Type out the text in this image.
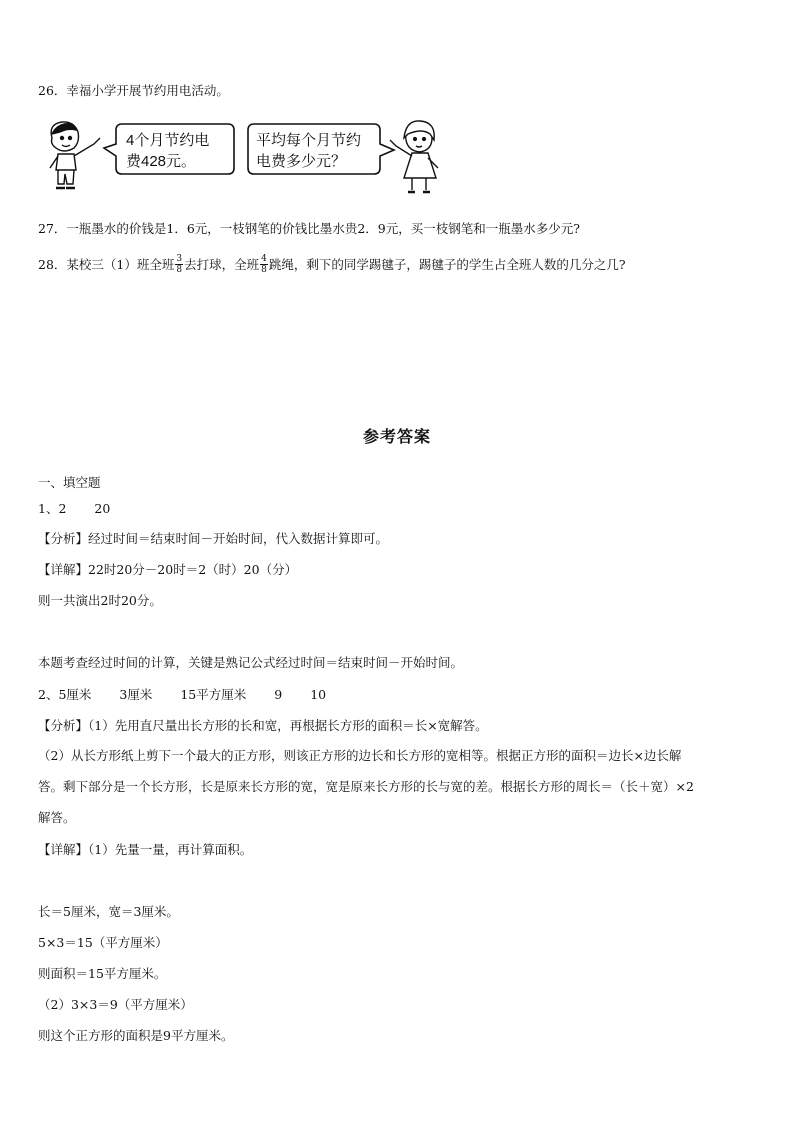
26．幸福小学开展节约用电活动。
4个月节约电
费428元。
平均每个月节约
电费多少元？
27．一瓶墨水的价钱是1．6元，一枝钢笔的价钱比墨水贵2．9元，买一枝钢笔和一瓶墨水多少元?
28．某校三（1）班全班 $\frac{3}{8}$ 去打球，全班 $\frac{4}{8}$ 跳绳，剩下的同学踢毽子，踢毽子的学生占全班人数的几分之几?
参考答案
一、填空题
1、2 20
【分析】经过时间＝结束时间－开始时间，代入数据计算即可。
【详解】22时20分－20时＝2（时）20（分）
则一共演出2时20分。
本题考查经过时间的计算，关键是熟记公式经过时间＝结束时间－开始时间。
2、5厘米 3厘米 15平方厘米 9 10
【分析】（1）先用直尺量出长方形的长和宽，再根据长方形的面积＝长×宽解答。
（2）从长方形纸上剪下一个最大的正方形，则该正方形的边长和长方形的宽相等。根据正方形的面积＝边长×边长解
答。剩下部分是一个长方形，长是原来长方形的宽，宽是原来长方形的长与宽的差。根据长方形的周长＝（长＋宽）×2
解答。
【详解】（1）先量一量，再计算面积。
长＝5厘米，宽＝3厘米。
5×3＝15（平方厘米）
则面积＝15平方厘米。
（2）3×3＝9（平方厘米）
则这个正方形的面积是9平方厘米。
